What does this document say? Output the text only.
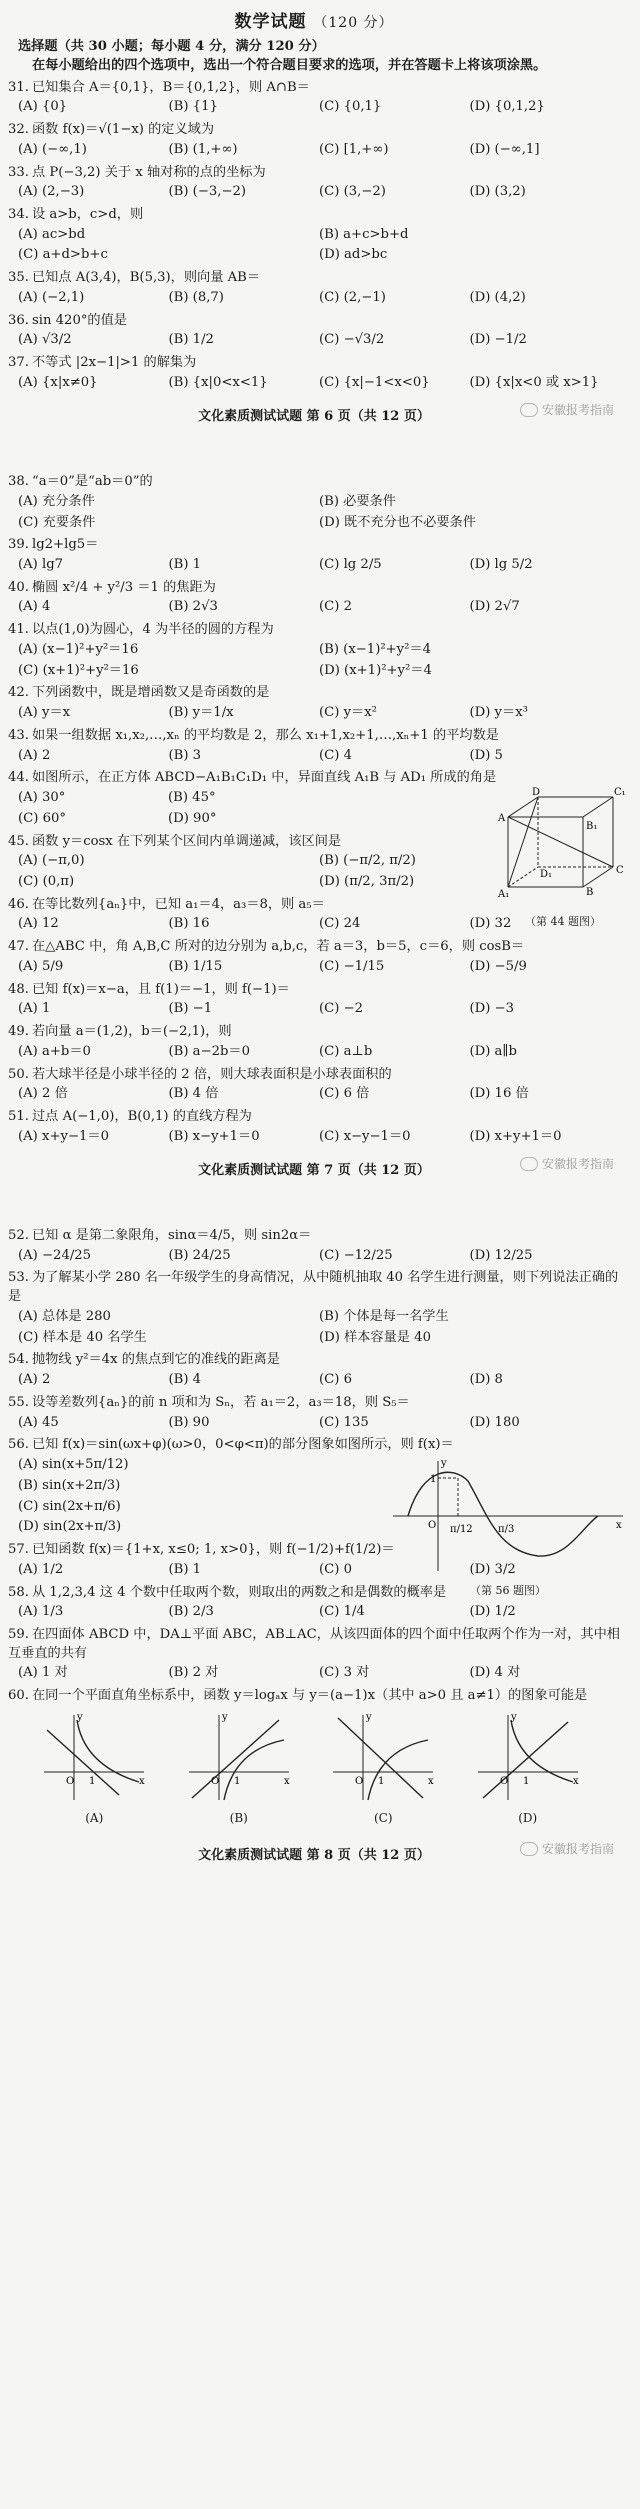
数学试题 （120 分）
选择题（共 30 小题；每小题 4 分，满分 120 分）
在每小题给出的四个选项中，选出一个符合题目要求的选项，并在答题卡上将该项涂黑。
31. 已知集合 A＝{0,1}，B＝{0,1,2}，则 A∩B＝
(A) {0}	(B) {1}	(C) {0,1}	(D) {0,1,2}
32. 函数 f(x)＝√(1−x) 的定义域为
(A) (−∞,1)	(B) (1,+∞)	(C) [1,+∞)	(D) (−∞,1]
33. 点 P(−3,2) 关于 x 轴对称的点的坐标为
(A) (2,−3)	(B) (−3,−2)	(C) (3,−2)	(D) (3,2)
34. 设 a>b，c>d，则
(A) ac>bd	(B) a+c>b+d
(C) a+d>b+c	(D) ad>bc
35. 已知点 A(3,4)，B(5,3)，则向量 AB＝
(A) (−2,1)	(B) (8,7)	(C) (2,−1)	(D) (4,2)
36. sin 420°的值是
(A) √3/2	(B) 1/2	(C) −√3/2	(D) −1/2
37. 不等式 |2x−1|>1 的解集为
(A) {x|x≠0}	(B) {x|0<x<1}	(C) {x|−1<x<0}	(D) {x|x<0 或 x>1}
文化素质测试试题 第 6 页（共 12 页）	安徽报考指南
38. “a＝0”是“ab＝0”的
(A) 充分条件	(B) 必要条件
(C) 充要条件	(D) 既不充分也不必要条件
39. lg2+lg5＝
(A) lg7	(B) 1	(C) lg 2/5	(D) lg 5/2
40. 椭圆 x²/4 + y²/3 ＝1 的焦距为
(A) 4	(B) 2√3	(C) 2	(D) 2√7
41. 以点(1,0)为圆心，4 为半径的圆的方程为
(A) (x−1)²+y²＝16	(B) (x−1)²+y²＝4
(C) (x+1)²+y²＝16	(D) (x+1)²+y²＝4
42. 下列函数中，既是增函数又是奇函数的是
(A) y＝x	(B) y＝1/x	(C) y＝x²	(D) y＝x³
43. 如果一组数据 x₁,x₂,…,xₙ 的平均数是 2，那么 x₁+1,x₂+1,…,xₙ+1 的平均数是
(A) 2	(B) 3	(C) 4	(D) 5
44. 如图所示，在正方体 ABCD−A₁B₁C₁D₁ 中，异面直线 A₁B 与 AD₁ 所成的角是
(A) 30°	(B) 45°
(C) 60°	(D) 90°
45. 函数 y＝cosx 在下列某个区间内单调递减，该区间是
(A) (−π,0)	(B) (−π/2, π/2)
(C) (0,π)	(D) (π/2, 3π/2)
46. 在等比数列{aₙ}中，已知 a₁＝4，a₃＝8，则 a₅＝
(A) 12	(B) 16	(C) 24	(D) 32
47. 在△ABC 中，角 A,B,C 所对的边分别为 a,b,c，若 a＝3，b＝5，c＝6，则 cosB＝
(A) 5/9	(B) 1/15	(C) −1/15	(D) −5/9
48. 已知 f(x)＝x−a，且 f(1)＝−1，则 f(−1)＝
(A) 1	(B) −1	(C) −2	(D) −3
49. 若向量 a＝(1,2)，b＝(−2,1)，则
(A) a+b＝0	(B) a−2b＝0	(C) a⊥b	(D) a∥b
50. 若大球半径是小球半径的 2 倍，则大球表面积是小球表面积的
(A) 2 倍	(B) 4 倍	(C) 6 倍	(D) 16 倍
51. 过点 A(−1,0)，B(0,1) 的直线方程为
(A) x+y−1＝0	(B) x−y+1＝0	(C) x−y−1＝0	(D) x+y+1＝0
文化素质测试试题 第 7 页（共 12 页）	安徽报考指南
52. 已知 α 是第二象限角，sinα＝4/5，则 sin2α＝
(A) −24/25	(B) 24/25	(C) −12/25	(D) 12/25
53. 为了解某小学 280 名一年级学生的身高情况，从中随机抽取 40 名学生进行测量，则下列说法正确的是
(A) 总体是 280	(B) 个体是每一名学生
(C) 样本是 40 名学生	(D) 样本容量是 40
54. 抛物线 y²＝4x 的焦点到它的准线的距离是
(A) 2	(B) 4	(C) 6	(D) 8
55. 设等差数列{aₙ}的前 n 项和为 Sₙ，若 a₁＝2，a₃＝18，则 S₅＝
(A) 45	(B) 90	(C) 135	(D) 180
56. 已知 f(x)＝sin(ωx+φ)(ω>0，0<φ<π)的部分图象如图所示，则 f(x)＝
(A) sin(x+5π/12)
(B) sin(x+2π/3)
(C) sin(2x+π/6)
(D) sin(2x+π/3)
57. 已知函数 f(x)＝{1+x, x≤0; 1, x>0}，则 f(−1/2)+f(1/2)＝
(A) 1/2	(B) 1	(C) 0	(D) 3/2
58. 从 1,2,3,4 这 4 个数中任取两个数，则取出的两数之和是偶数的概率是
(A) 1/3	(B) 2/3	(C) 1/4	(D) 1/2
59. 在四面体 ABCD 中，DA⊥平面 ABC，AB⊥AC，从该四面体的四个面中任取两个作为一对，其中相互垂直的共有
(A) 1 对	(B) 2 对	(C) 3 对	(D) 4 对
60. 在同一个平面直角坐标系中，函数 y＝logₐx 与 y＝(a−1)x（其中 a>0 且 a≠1）的图象可能是
O 1	x
y
(A)
O 1	x
y
(B)
O 1	x
y
(C)
O 1	x
y
(D)
文化素质测试试题 第 8 页（共 12 页）	安徽报考指南
A
B
C
D
A₁
B₁
C₁
D₁
（第 44 题图）
y
x
O
1
π/12	π/3
（第 56 题图）
